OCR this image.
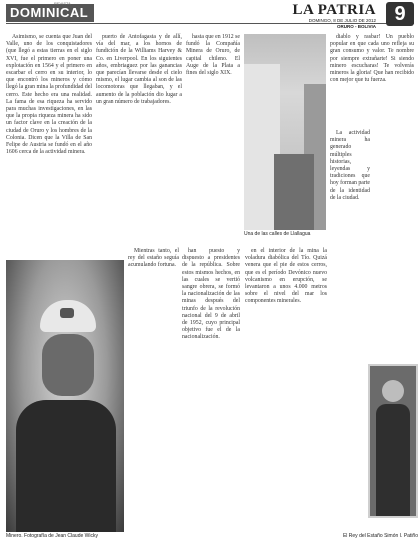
DOMINICAL
REVISTA	LA PATRIA
DOMINGO, 8 DE JULIO DE 2012
ORURO - BOLIVIA
9

Asimismo, se cuenta que Juan del Valle, uno de los conquistadores (que llegó a estas tierras en el siglo XVI, fue el primero en poner una explotación en 1564 y el primero en escarbar el cerro en su interior, lo que encontró los mineros y cómo llegó la gran mina la profundidad del cerro. Este hecho era una realidad. La fama de esa riqueza ha servido para muchas investigaciones, en las que la propia riqueza minera ha sido un factor clave en la creación de la ciudad de Oruro y los hombres de la Colonia. Dicen que la Villa de San Felipe de Austria se fundó en el año 1606 cerca de la actividad minera.

puerto de Antofagasta y de allí, vía del mar, a los hornos de fundición de la Williams Harvey & Co. en Liverpool. En los siguientes años, embriaguez por las ganancias que parecían llevarse desde el cielo mismo, el lugar cambia al son de las locomotoras que llegaban, y el aumento de la población dio lugar a un gran número de trabajadores.

hasta que en 1912 se fundó la Compañía Minera de Oruro, de capital chileno. El Auge de la Plata a fines del siglo XIX.

Mientras tanto, el rey del estaño seguía acumulando fortuna.

han puesto y dispuesto a presidentes de la república. Sobre estos mismos hechos, en las cuales se vertió sangre obrera, se formó la nacionalización de las minas después del triunfo de la revolución nacional del 9 de abril de 1952, cuyo principal objetivo fue el de la nacionalización.

en el interior de la mina la voladura diabólica del Tío. Quizá venera que el pie de estos cerros, que es el período Devónico nuevo volcanismo en erupción, se levantaron a unos 4.000 metros sobre el nivel del mar los componentes minerales.

diablo y rasbar! Un pueblo popular en que cada uno refleja su gran consumo y valor. Te nombre por siempre extrañarte! Si siendo minero escucharas! Te volverás mineros la gloria! Que han recibido con mejor que tu fuerza.

La actividad minera ha generado múltiples historias, leyendas y tradiciones que hoy forman parte de la identidad de la ciudad.

Una de las calles de Llallagua
Minero. Fotografía de Jean Claude Wicky	El Rey del Estaño Simón I. Patiño
